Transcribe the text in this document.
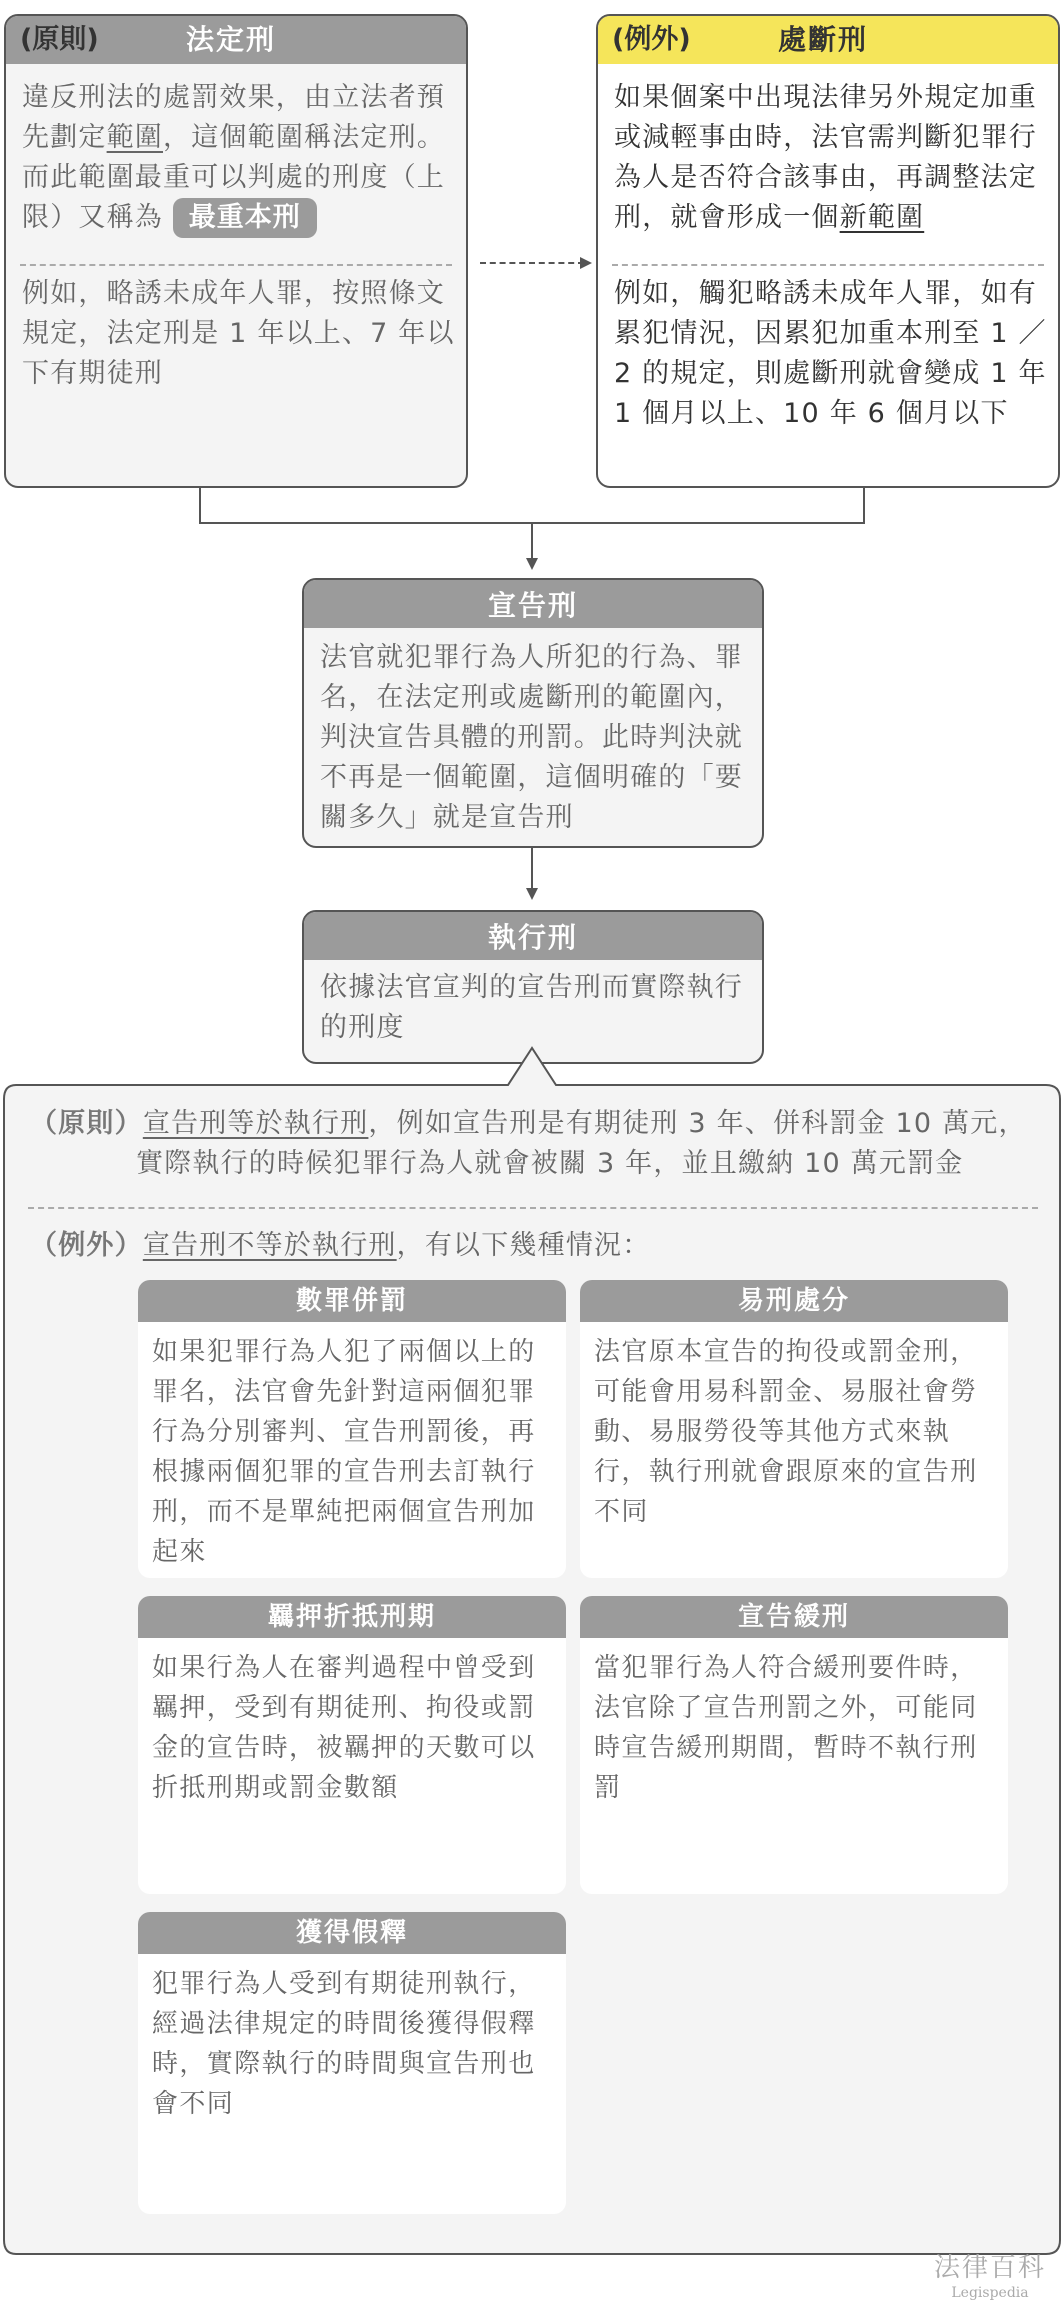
(原則)	法定刑
違反刑法的處罰效果，由立法者預先劃定範圍，這個範圍稱法定刑。而此範圍最重可以判處的刑度（上限）又稱為 最重本刑
例如，略誘未成年人罪，按照條文規定，法定刑是 1 年以上、7 年以下有期徒刑
(例外)	處斷刑
如果個案中出現法律另外規定加重或減輕事由時，法官需判斷犯罪行為人是否符合該事由，再調整法定刑，就會形成一個新範圍
例如，觸犯略誘未成年人罪，如有累犯情況，因累犯加重本刑至 1 ／ 2 的規定，則處斷刑就會變成 1 年 1 個月以上、10 年 6 個月以下
宣告刑
法官就犯罪行為人所犯的行為、罪名，在法定刑或處斷刑的範圍內，判決宣告具體的刑罰。此時判決就不再是一個範圍，這個明確的「要關多久」就是宣告刑
執行刑
依據法官宣判的宣告刑而實際執行的刑度
（原則）宣告刑等於執行刑，例如宣告刑是有期徒刑 3 年、併科罰金 10 萬元，
實際執行的時候犯罪行為人就會被關 3 年，並且繳納 10 萬元罰金
（例外）宣告刑不等於執行刑，有以下幾種情況：
數罪併罰
如果犯罪行為人犯了兩個以上的罪名，法官會先針對這兩個犯罪行為分別審判、宣告刑罰後，再根據兩個犯罪的宣告刑去訂執行刑，而不是單純把兩個宣告刑加起來
易刑處分
法官原本宣告的拘役或罰金刑，可能會用易科罰金、易服社會勞動、易服勞役等其他方式來執行，執行刑就會跟原來的宣告刑不同
羈押折抵刑期
如果行為人在審判過程中曾受到羈押，受到有期徒刑、拘役或罰金的宣告時，被羈押的天數可以折抵刑期或罰金數額
宣告緩刑
當犯罪行為人符合緩刑要件時，法官除了宣告刑罰之外，可能同時宣告緩刑期間，暫時不執行刑罰
獲得假釋
犯罪行為人受到有期徒刑執行，經過法律規定的時間後獲得假釋時，實際執行的時間與宣告刑也會不同
法律百科
Legispedia
